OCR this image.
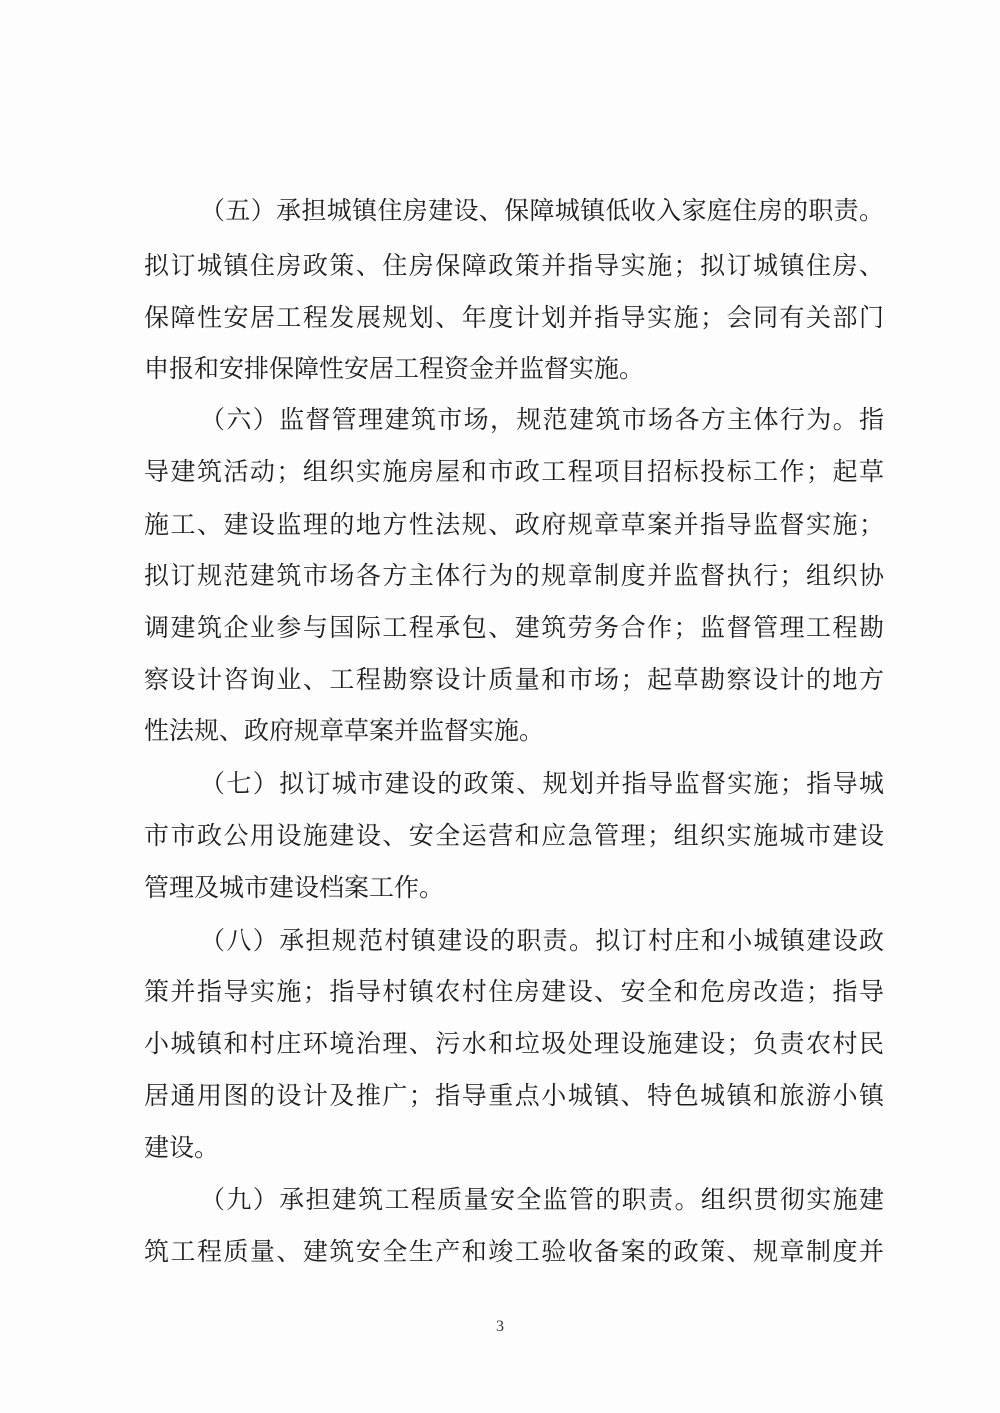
（五）承担城镇住房建设、保障城镇低收入家庭住房的职责。
拟订城镇住房政策、住房保障政策并指导实施；拟订城镇住房、
保障性安居工程发展规划、年度计划并指导实施；会同有关部门
申报和安排保障性安居工程资金并监督实施。
（六）监督管理建筑市场，规范建筑市场各方主体行为。指
导建筑活动；组织实施房屋和市政工程项目招标投标工作；起草
施工、建设监理的地方性法规、政府规章草案并指导监督实施；
拟订规范建筑市场各方主体行为的规章制度并监督执行；组织协
调建筑企业参与国际工程承包、建筑劳务合作；监督管理工程勘
察设计咨询业、工程勘察设计质量和市场；起草勘察设计的地方
性法规、政府规章草案并监督实施。
（七）拟订城市建设的政策、规划并指导监督实施；指导城
市市政公用设施建设、安全运营和应急管理；组织实施城市建设
管理及城市建设档案工作。
（八）承担规范村镇建设的职责。拟订村庄和小城镇建设政
策并指导实施；指导村镇农村住房建设、安全和危房改造；指导
小城镇和村庄环境治理、污水和垃圾处理设施建设；负责农村民
居通用图的设计及推广；指导重点小城镇、特色城镇和旅游小镇
建设。
（九）承担建筑工程质量安全监管的职责。组织贯彻实施建
筑工程质量、建筑安全生产和竣工验收备案的政策、规章制度并
3
